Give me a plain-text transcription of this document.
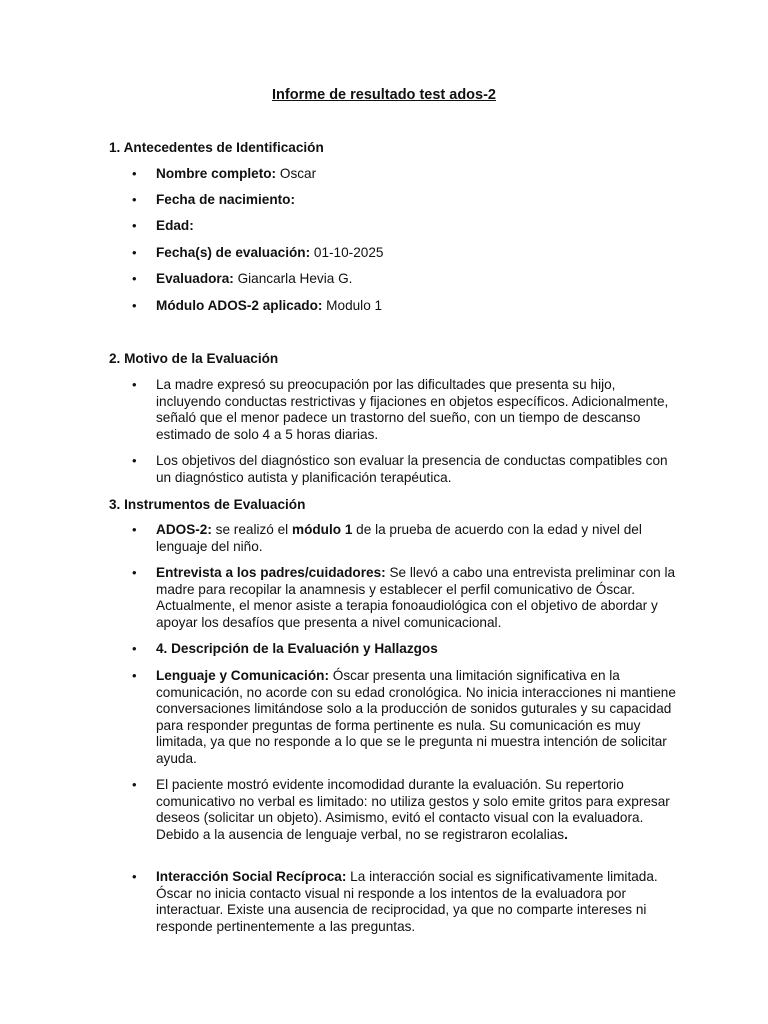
Informe de resultado test ados-2
1. Antecedentes de Identificación
• Nombre completo: Oscar
• Fecha de nacimiento:
• Edad:
• Fecha(s) de evaluación: 01-10-2025
• Evaluadora: Giancarla Hevia G.
• Módulo ADOS-2 aplicado: Modulo 1
2. Motivo de la Evaluación
• La madre expresó su preocupación por las dificultades que presenta su hijo, incluyendo conductas restrictivas y fijaciones en objetos específicos. Adicionalmente, señaló que el menor padece un trastorno del sueño, con un tiempo de descanso estimado de solo 4 a 5 horas diarias.
• Los objetivos del diagnóstico son evaluar la presencia de conductas compatibles con un diagnóstico autista y planificación terapéutica.
3. Instrumentos de Evaluación
• ADOS-2: se realizó el módulo 1 de la prueba de acuerdo con la edad y nivel del lenguaje del niño.
• Entrevista a los padres/cuidadores: Se llevó a cabo una entrevista preliminar con la madre para recopilar la anamnesis y establecer el perfil comunicativo de Óscar. Actualmente, el menor asiste a terapia fonoaudiológica con el objetivo de abordar y apoyar los desafíos que presenta a nivel comunicacional.
• 4. Descripción de la Evaluación y Hallazgos
• Lenguaje y Comunicación: Óscar presenta una limitación significativa en la comunicación, no acorde con su edad cronológica. No inicia interacciones ni mantiene conversaciones limitándose solo a la producción de sonidos guturales y su capacidad para responder preguntas de forma pertinente es nula. Su comunicación es muy limitada, ya que no responde a lo que se le pregunta ni muestra intención de solicitar ayuda.
• El paciente mostró evidente incomodidad durante la evaluación. Su repertorio comunicativo no verbal es limitado: no utiliza gestos y solo emite gritos para expresar deseos (solicitar un objeto). Asimismo, evitó el contacto visual con la evaluadora. Debido a la ausencia de lenguaje verbal, no se registraron ecolalias.
• Interacción Social Recíproca: La interacción social es significativamente limitada. Óscar no inicia contacto visual ni responde a los intentos de la evaluadora por interactuar. Existe una ausencia de reciprocidad, ya que no comparte intereses ni responde pertinentemente a las preguntas.
